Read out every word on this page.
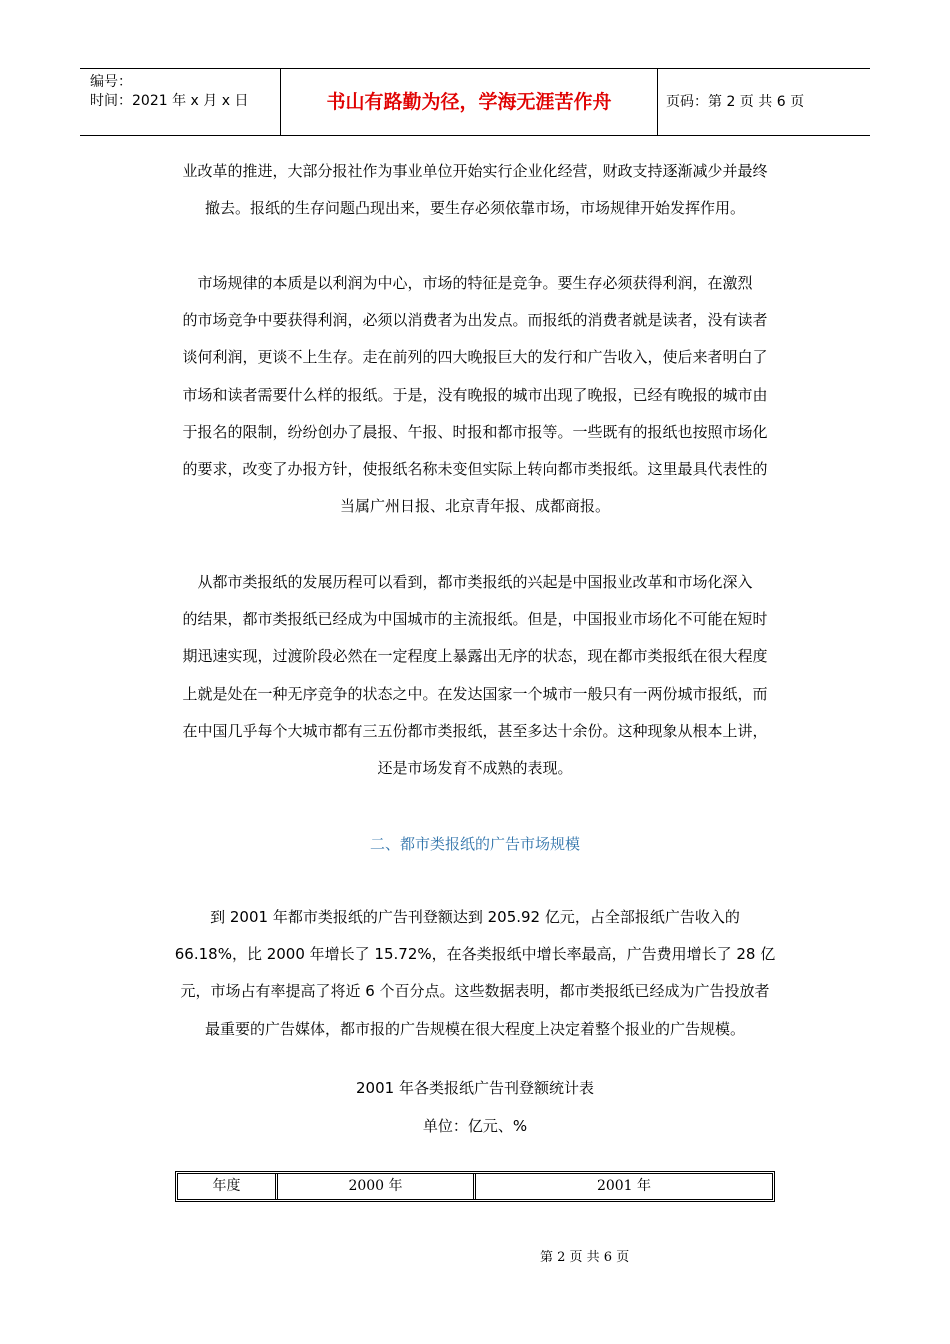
编号：
时间：2021 年 x 月 x 日	书山有路勤为径，学海无涯苦作舟	页码：第 2 页 共 6 页
业改革的推进，大部分报社作为事业单位开始实行企业化经营，财政支持逐渐减少并最终
撤去。报纸的生存问题凸现出来，要生存必须依靠市场，市场规律开始发挥作用。
市场规律的本质是以利润为中心，市场的特征是竞争。要生存必须获得利润，在激烈
的市场竞争中要获得利润，必须以消费者为出发点。而报纸的消费者就是读者，没有读者
谈何利润，更谈不上生存。走在前列的四大晚报巨大的发行和广告收入，使后来者明白了
市场和读者需要什么样的报纸。于是，没有晚报的城市出现了晚报，已经有晚报的城市由
于报名的限制，纷纷创办了晨报、午报、时报和都市报等。一些既有的报纸也按照市场化
的要求，改变了办报方针，使报纸名称未变但实际上转向都市类报纸。这里最具代表性的
当属广州日报、北京青年报、成都商报。
从都市类报纸的发展历程可以看到，都市类报纸的兴起是中国报业改革和市场化深入
的结果，都市类报纸已经成为中国城市的主流报纸。但是，中国报业市场化不可能在短时
期迅速实现，过渡阶段必然在一定程度上暴露出无序的状态，现在都市类报纸在很大程度
上就是处在一种无序竞争的状态之中。在发达国家一个城市一般只有一两份城市报纸，而
在中国几乎每个大城市都有三五份都市类报纸，甚至多达十余份。这种现象从根本上讲，
还是市场发育不成熟的表现。
二、都市类报纸的广告市场规模
到 2001 年都市类报纸的广告刊登额达到 205.92 亿元，占全部报纸广告收入的
66.18%，比 2000 年增长了 15.72%，在各类报纸中增长率最高，广告费用增长了 28 亿
元，市场占有率提高了将近 6 个百分点。这些数据表明，都市类报纸已经成为广告投放者
最重要的广告媒体，都市报的广告规模在很大程度上决定着整个报业的广告规模。
2001 年各类报纸广告刊登额统计表
单位：亿元、%
年度	2000 年	2001 年
第 2 页 共 6 页
